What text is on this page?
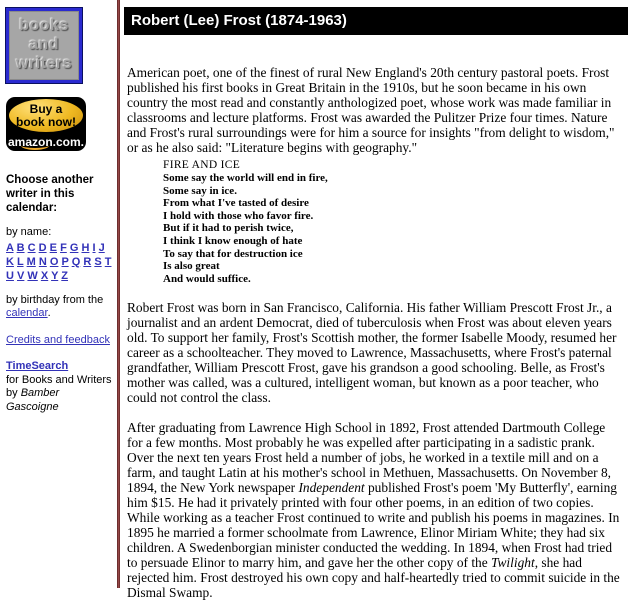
books
and
writers
Buy a
book now!
amazon.com.
Choose another writer in this calendar:
by name:
A B C D E F G H I J K L M N O P Q R S T U V W X Y Z
by birthday from the calendar.
Credits and feedback
TimeSearch
for Books and Writers
by Bamber Gascoigne
Robert (Lee) Frost (1874-1963)

American poet, one of the finest of rural New England's 20th century pastoral poets. Frost published his first books in Great Britain in the 1910s, but he soon became in his own country the most read and constantly anthologized poet, whose work was made familiar in classrooms and lecture platforms. Frost was awarded the Pulitzer Prize four times. Nature and Frost's rural surroundings were for him a source for insights "from delight to wisdom," or as he also said: "Literature begins with geography."

FIRE AND ICE
Some say the world will end in fire,
Some say in ice.
From what I've tasted of desire
I hold with those who favor fire.
But if it had to perish twice,
I think I know enough of hate
To say that for destruction ice
Is also great
And would suffice.

Robert Frost was born in San Francisco, California. His father William Prescott Frost Jr., a journalist and an ardent Democrat, died of tuberculosis when Frost was about eleven years old. To support her family, Frost's Scottish mother, the former Isabelle Moody, resumed her career as a schoolteacher. They moved to Lawrence, Massachusetts, where Frost's paternal grandfather, William Prescott Frost, gave his grandson a good schooling. Belle, as Frost's mother was called, was a cultured, intelligent woman, but known as a poor teacher, who could not control the class.

After graduating from Lawrence High School in 1892, Frost attended Dartmouth College for a few months. Most probably he was expelled after participating in a sadistic prank. Over the next ten years Frost held a number of jobs, he worked in a textile mill and on a farm, and taught Latin at his mother's school in Methuen, Massachusetts. On November 8, 1894, the New York newspaper Independent published Frost's poem 'My Butterfly', earning him $15. He had it privately printed with four other poems, in an edition of two copies. While working as a teacher Frost continued to write and publish his poems in magazines. In 1895 he married a former schoolmate from Lawrence, Elinor Miriam White; they had six children. A Swedenborgian minister conducted the wedding. In 1894, when Frost had tried to persuade Elinor to marry him, and gave her the other copy of the Twilight, she had rejected him. Frost destroyed his own copy and half-heartedly tried to commit suicide in the Dismal Swamp.
